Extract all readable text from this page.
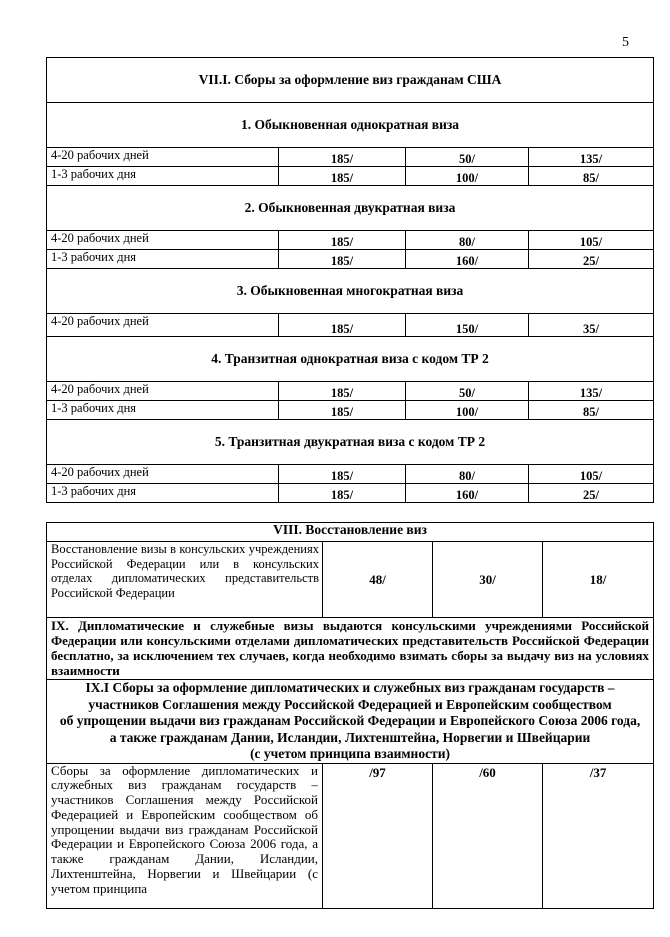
5
VII.I. Сборы за оформление виз гражданам США			
1. Обыкновенная однократная виза			
4-20 рабочих дней	185/	50/	135/
1-3 рабочих дня	185/	100/	85/
2. Обыкновенная двукратная виза			
4-20 рабочих дней	185/	80/	105/
1-3 рабочих дня	185/	160/	25/
3. Обыкновенная многократная виза			
4-20 рабочих дней	185/	150/	35/
4. Транзитная однократная виза с кодом ТР 2			
4-20 рабочих дней	185/	50/	135/
1-3 рабочих дня	185/	100/	85/
5. Транзитная двукратная виза с кодом ТР 2			
4-20 рабочих дней	185/	80/	105/
1-3 рабочих дня	185/	160/	25/
VIII. Восстановление виз			
Восстановление визы в консульских учреждениях Российской Федерации или в консульских отделах дипломатических представительств Российской Федерации	48/	30/	18/
IX. Дипломатические и служебные визы выдаются консульскими учреждениями Российской Федерации или консульскими отделами дипломатических представительств Российской Федерации бесплатно, за исключением тех случаев, когда необходимо взимать сборы за выдачу виз на условиях взаимности			

IX.I Сборы за оформление дипломатических и служебных виз гражданам государств –
участников Соглашения между Российской Федерацией и Европейским сообществом
об упрощении выдачи виз гражданам Российской Федерации и Европейского Союза 2006 года,
а также гражданам Дании, Исландии, Лихтенштейна, Норвегии и Швейцарии
(с учетом принципа взаимности)			

Сборы за оформление дипломатических и служебных виз гражданам государств – участников Соглашения между Российской Федерацией и Европейским сообществом об упрощении выдачи виз гражданам Российской Федерации и Европейского Союза 2006 года, а также гражданам Дании, Исландии, Лихтенштейна, Норвегии и Швейцарии (с учетом принципа	/97	/60	/37
